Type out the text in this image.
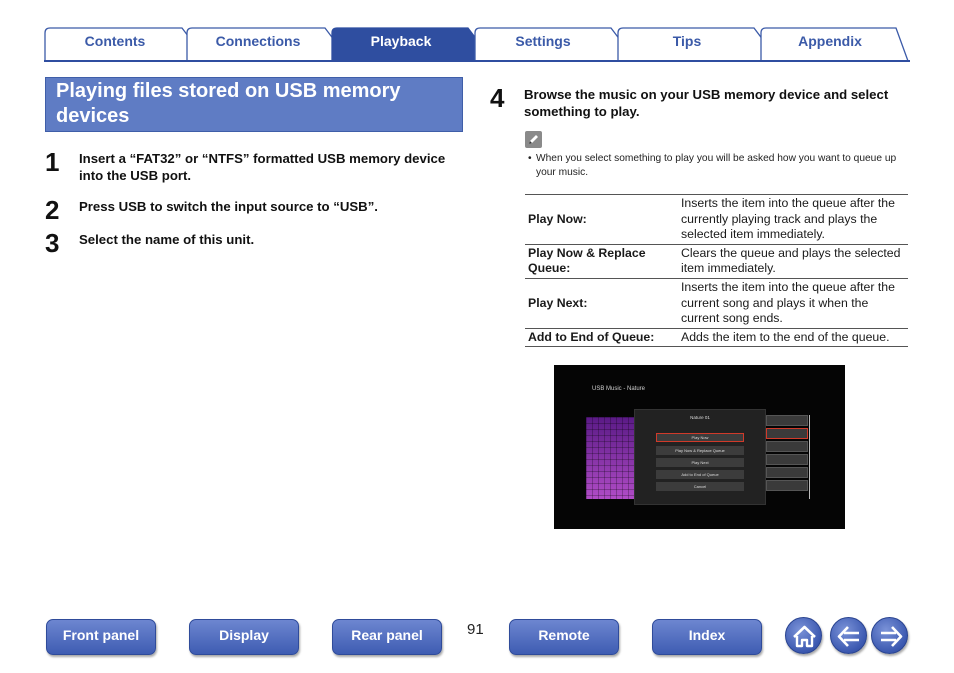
Contents	Connections	Playback	Settings	Tips	Appendix
Playing files stored on USB memory devices
1 Insert a “FAT32” or “NTFS” formatted USB memory device into the USB port.
2 Press USB to switch the input source to “USB”.
3 Select the name of this unit.
4 Browse the music on your USB memory device and select something to play.
• When you select something to play you will be asked how you want to queue up your music.
Play Now:	Inserts the item into the queue after the currently playing track and plays the selected item immediately.
Play Now & Replace Queue:	Clears the queue and plays the selected item immediately.
Play Next:	Inserts the item into the queue after the current song and plays it when the current song ends.
Add to End of Queue:	Adds the item to the end of the queue.
USB Music - Nature
Nature 01
Play Now
Play Now & Replace Queue
Play Next
Add to End of Queue
Cancel
Front panel	Display	Rear panel	91	Remote	Index
